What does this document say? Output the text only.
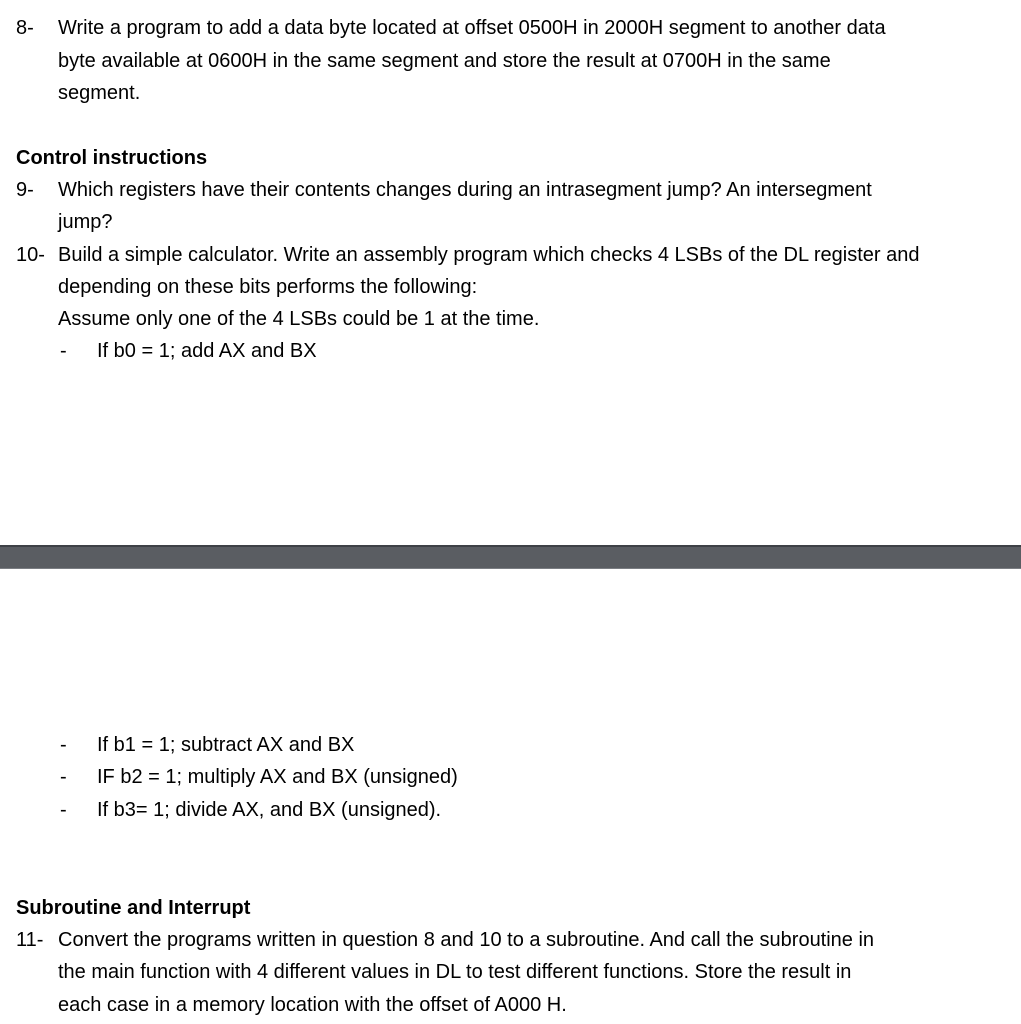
8- Write a program to add a data byte located at offset 0500H in 2000H segment to another data
byte available at 0600H in the same segment and store the result at 0700H in the same
segment.
Control instructions
9- Which registers have their contents changes during an intrasegment jump? An intersegment
jump?
10- Build a simple calculator. Write an assembly program which checks 4 LSBs of the DL register and
depending on these bits performs the following:
Assume only one of the 4 LSBs could be 1 at the time.
- If b0 = 1; add AX and BX
- If b1 = 1; subtract AX and BX
- IF b2 = 1; multiply AX and BX (unsigned)
- If b3= 1; divide AX, and BX (unsigned).
Subroutine and Interrupt
11- Convert the programs written in question 8 and 10 to a subroutine. And call the subroutine in
the main function with 4 different values in DL to test different functions. Store the result in
each case in a memory location with the offset of A000 H.
